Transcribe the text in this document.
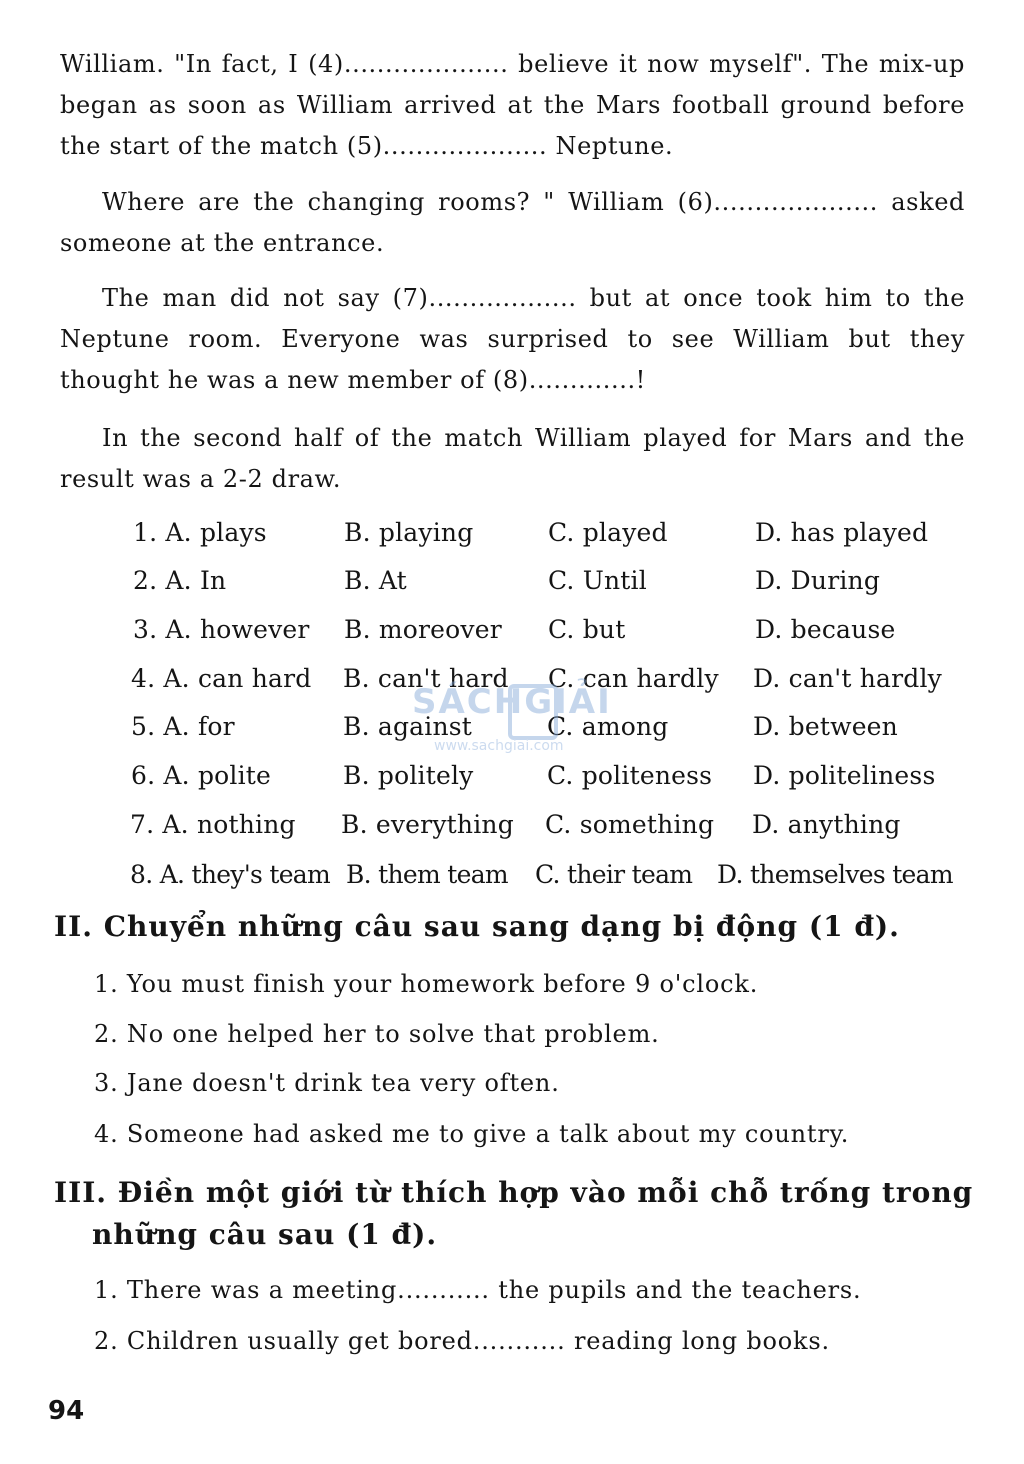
William. "In fact, I (4).................... believe it now myself". The mix-up began as soon as William arrived at the Mars football ground before the start of the match (5).................... Neptune.

Where are the changing rooms? " William (6).................... asked someone at the entrance.

The man did not say (7).................. but at once took him to the Neptune room. Everyone was surprised to see William but they thought he was a new member of (8).............!

In the second half of the match William played for Mars and the result was a 2-2 draw.

1. A. plays	B. playing	C. played	D. has played
2. A. In	B. At	C. Until	D. During
3. A. however B. moreover C. but	D. because
4. A. can hard B. can't hard C. can hardly D. can't hardly
5. A. for	B. against	C. among	D. between
6. A. polite	B. politely	C. politeness D. politeliness
7. A. nothing B. everything C. something D. anything
8. A. they's team B. them team C. their team D. themselves team
II. Chuyển những câu sau sang dạng bị động (1 đ).

1. You must finish your homework before 9 o'clock.

2. No one helped her to solve that problem.

3. Jane doesn't drink tea very often.

4. Someone had asked me to give a talk about my country.

III. Điền một giới từ thích hợp vào mỗi chỗ trống trong
những câu sau (1 đ).

1. There was a meeting........... the pupils and the teachers.

2. Children usually get bored........... reading long books.

94
SÁCHGIẢI
www.sachgiai.com
